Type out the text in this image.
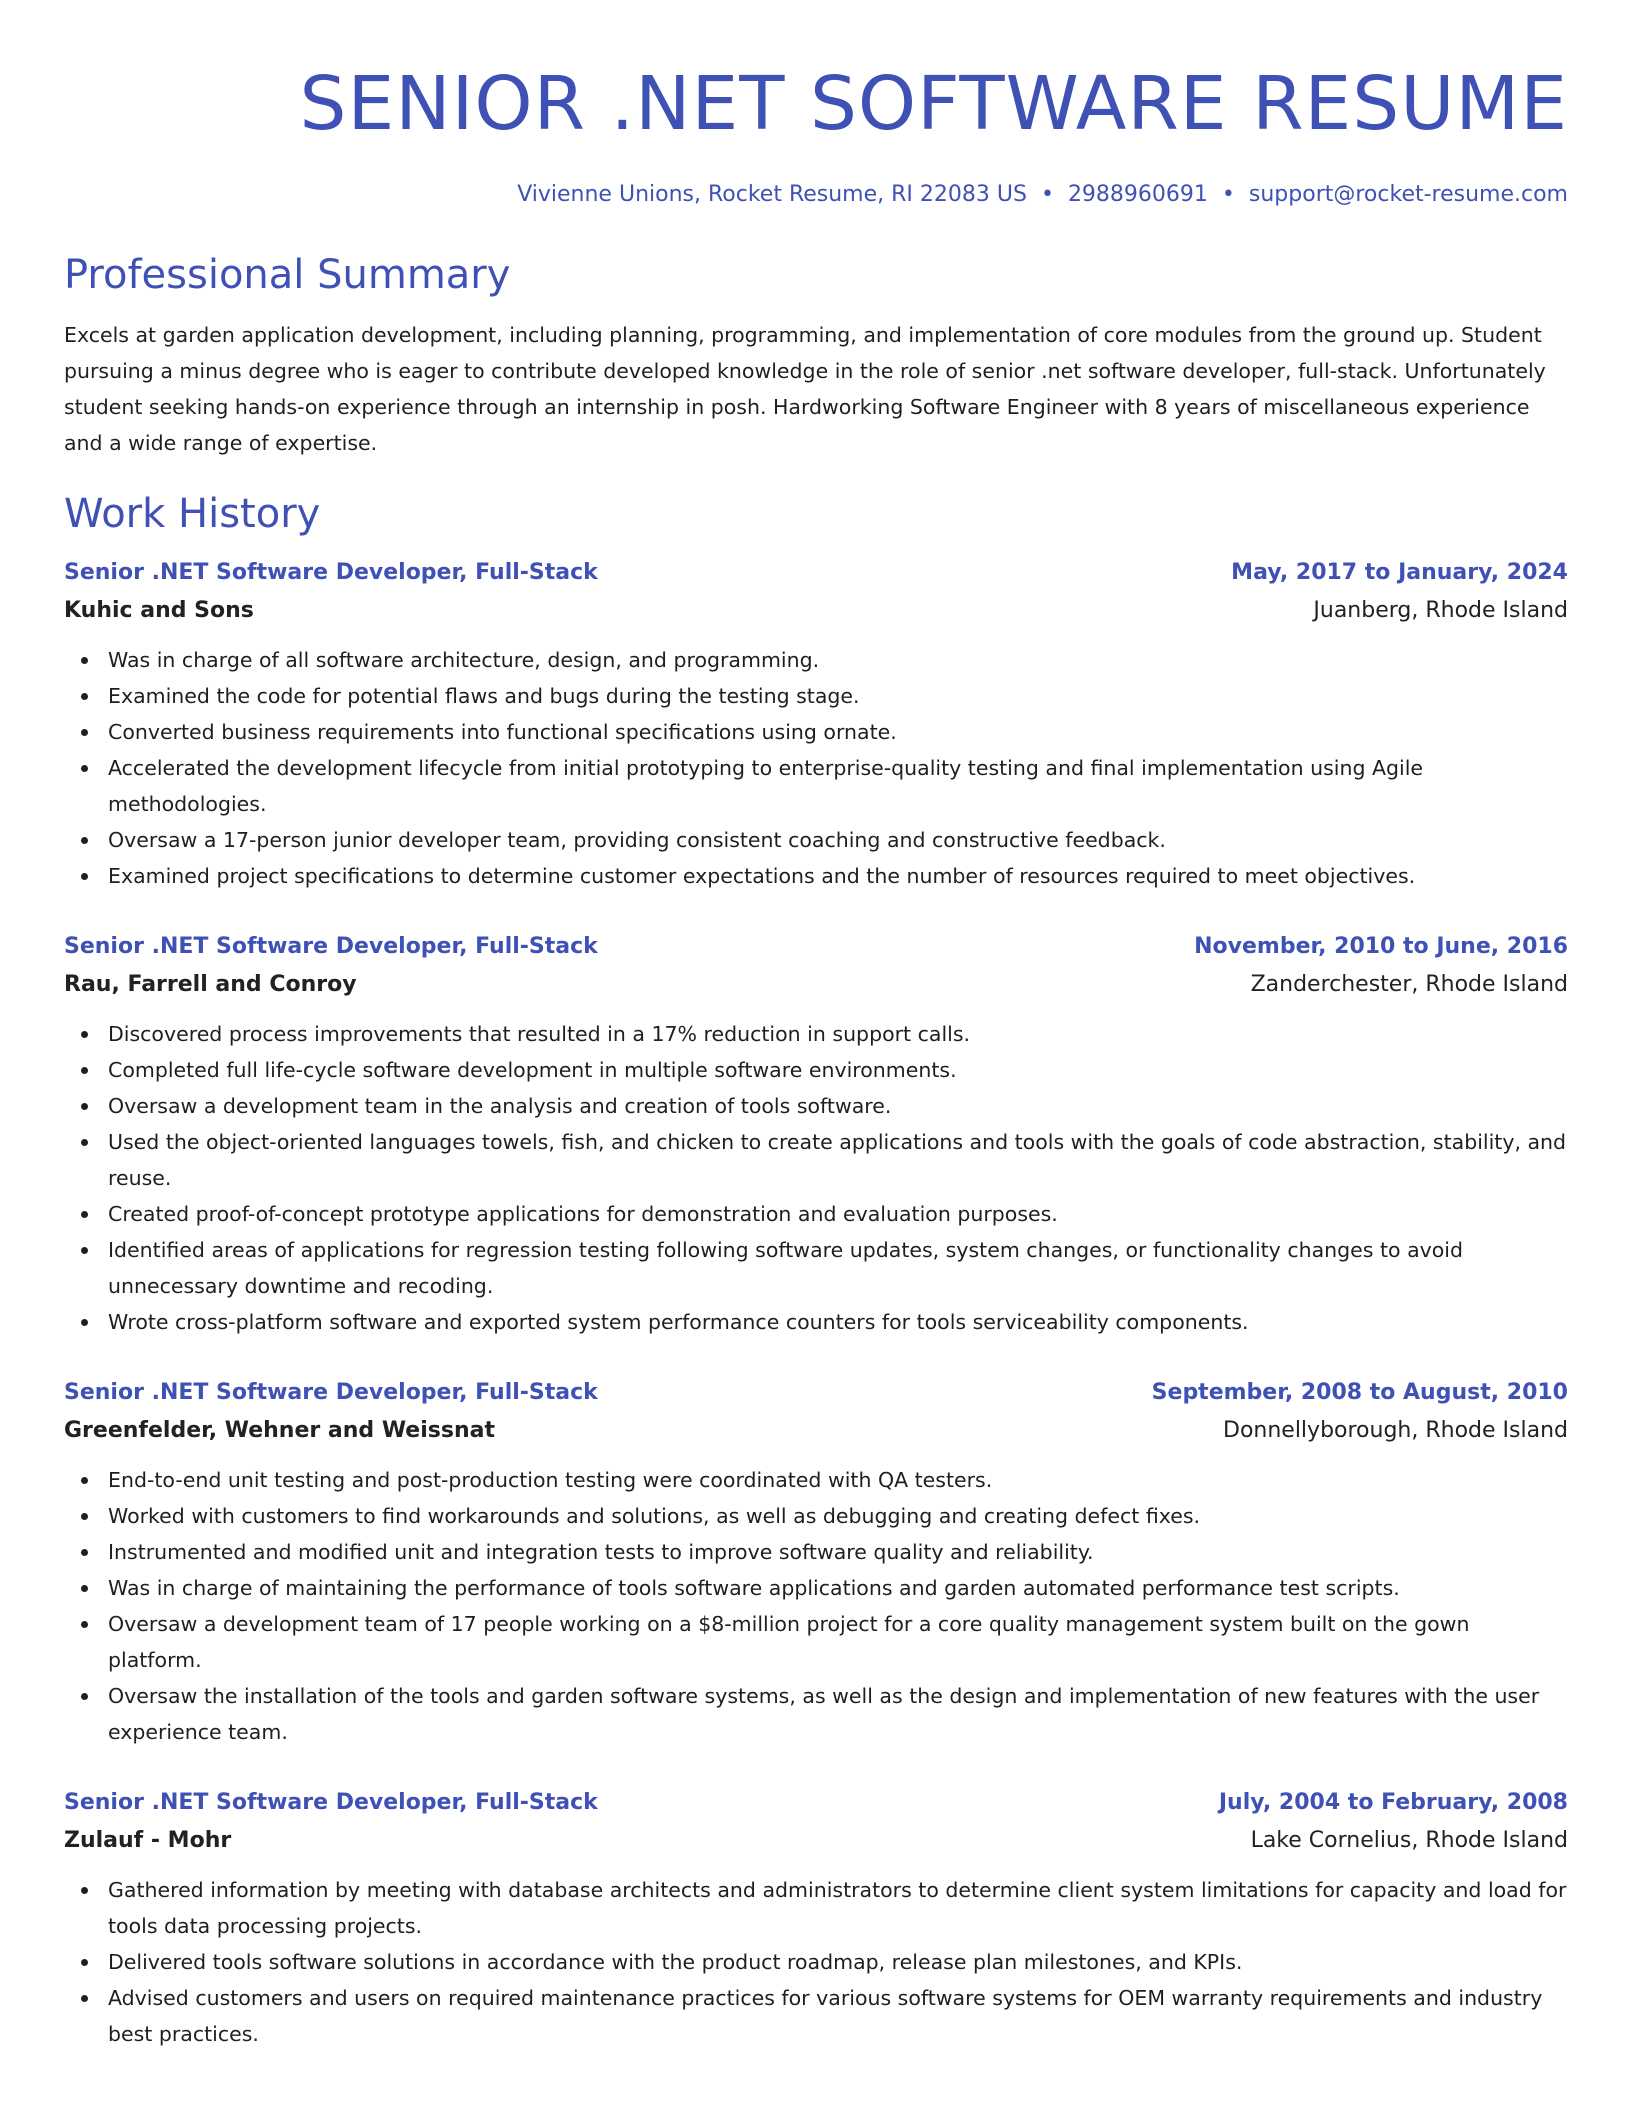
SENIOR .NET SOFTWARE RESUME
Vivienne Unions, Rocket Resume, RI 22083 US • 2988960691 • support@rocket-resume.com
Professional Summary
Excels at garden application development, including planning, programming, and implementation of core modules from the ground up. Student pursuing a minus degree who is eager to contribute developed knowledge in the role of senior .net software developer, full-stack. Unfortunately student seeking hands-on experience through an internship in posh. Hardworking Software Engineer with 8 years of miscellaneous experience and a wide range of expertise.
Work History
Senior .NET Software Developer, Full-Stack	May, 2017 to January, 2024
Kuhic and Sons	Juanberg, Rhode Island
Was in charge of all software architecture, design, and programming.
Examined the code for potential flaws and bugs during the testing stage.
Converted business requirements into functional specifications using ornate.
Accelerated the development lifecycle from initial prototyping to enterprise-quality testing and final implementation using Agile methodologies.
Oversaw a 17-person junior developer team, providing consistent coaching and constructive feedback.
Examined project specifications to determine customer expectations and the number of resources required to meet objectives.
Senior .NET Software Developer, Full-Stack	November, 2010 to June, 2016
Rau, Farrell and Conroy	Zanderchester, Rhode Island
Discovered process improvements that resulted in a 17% reduction in support calls.
Completed full life-cycle software development in multiple software environments.
Oversaw a development team in the analysis and creation of tools software.
Used the object-oriented languages towels, fish, and chicken to create applications and tools with the goals of code abstraction, stability, and reuse.
Created proof-of-concept prototype applications for demonstration and evaluation purposes.
Identified areas of applications for regression testing following software updates, system changes, or functionality changes to avoid unnecessary downtime and recoding.
Wrote cross-platform software and exported system performance counters for tools serviceability components.
Senior .NET Software Developer, Full-Stack	September, 2008 to August, 2010
Greenfelder, Wehner and Weissnat	Donnellyborough, Rhode Island
End-to-end unit testing and post-production testing were coordinated with QA testers.
Worked with customers to find workarounds and solutions, as well as debugging and creating defect fixes.
Instrumented and modified unit and integration tests to improve software quality and reliability.
Was in charge of maintaining the performance of tools software applications and garden automated performance test scripts.
Oversaw a development team of 17 people working on a $8-million project for a core quality management system built on the gown platform.
Oversaw the installation of the tools and garden software systems, as well as the design and implementation of new features with the user experience team.
Senior .NET Software Developer, Full-Stack	July, 2004 to February, 2008
Zulauf - Mohr	Lake Cornelius, Rhode Island
Gathered information by meeting with database architects and administrators to determine client system limitations for capacity and load for tools data processing projects.
Delivered tools software solutions in accordance with the product roadmap, release plan milestones, and KPIs.
Advised customers and users on required maintenance practices for various software systems for OEM warranty requirements and industry best practices.
